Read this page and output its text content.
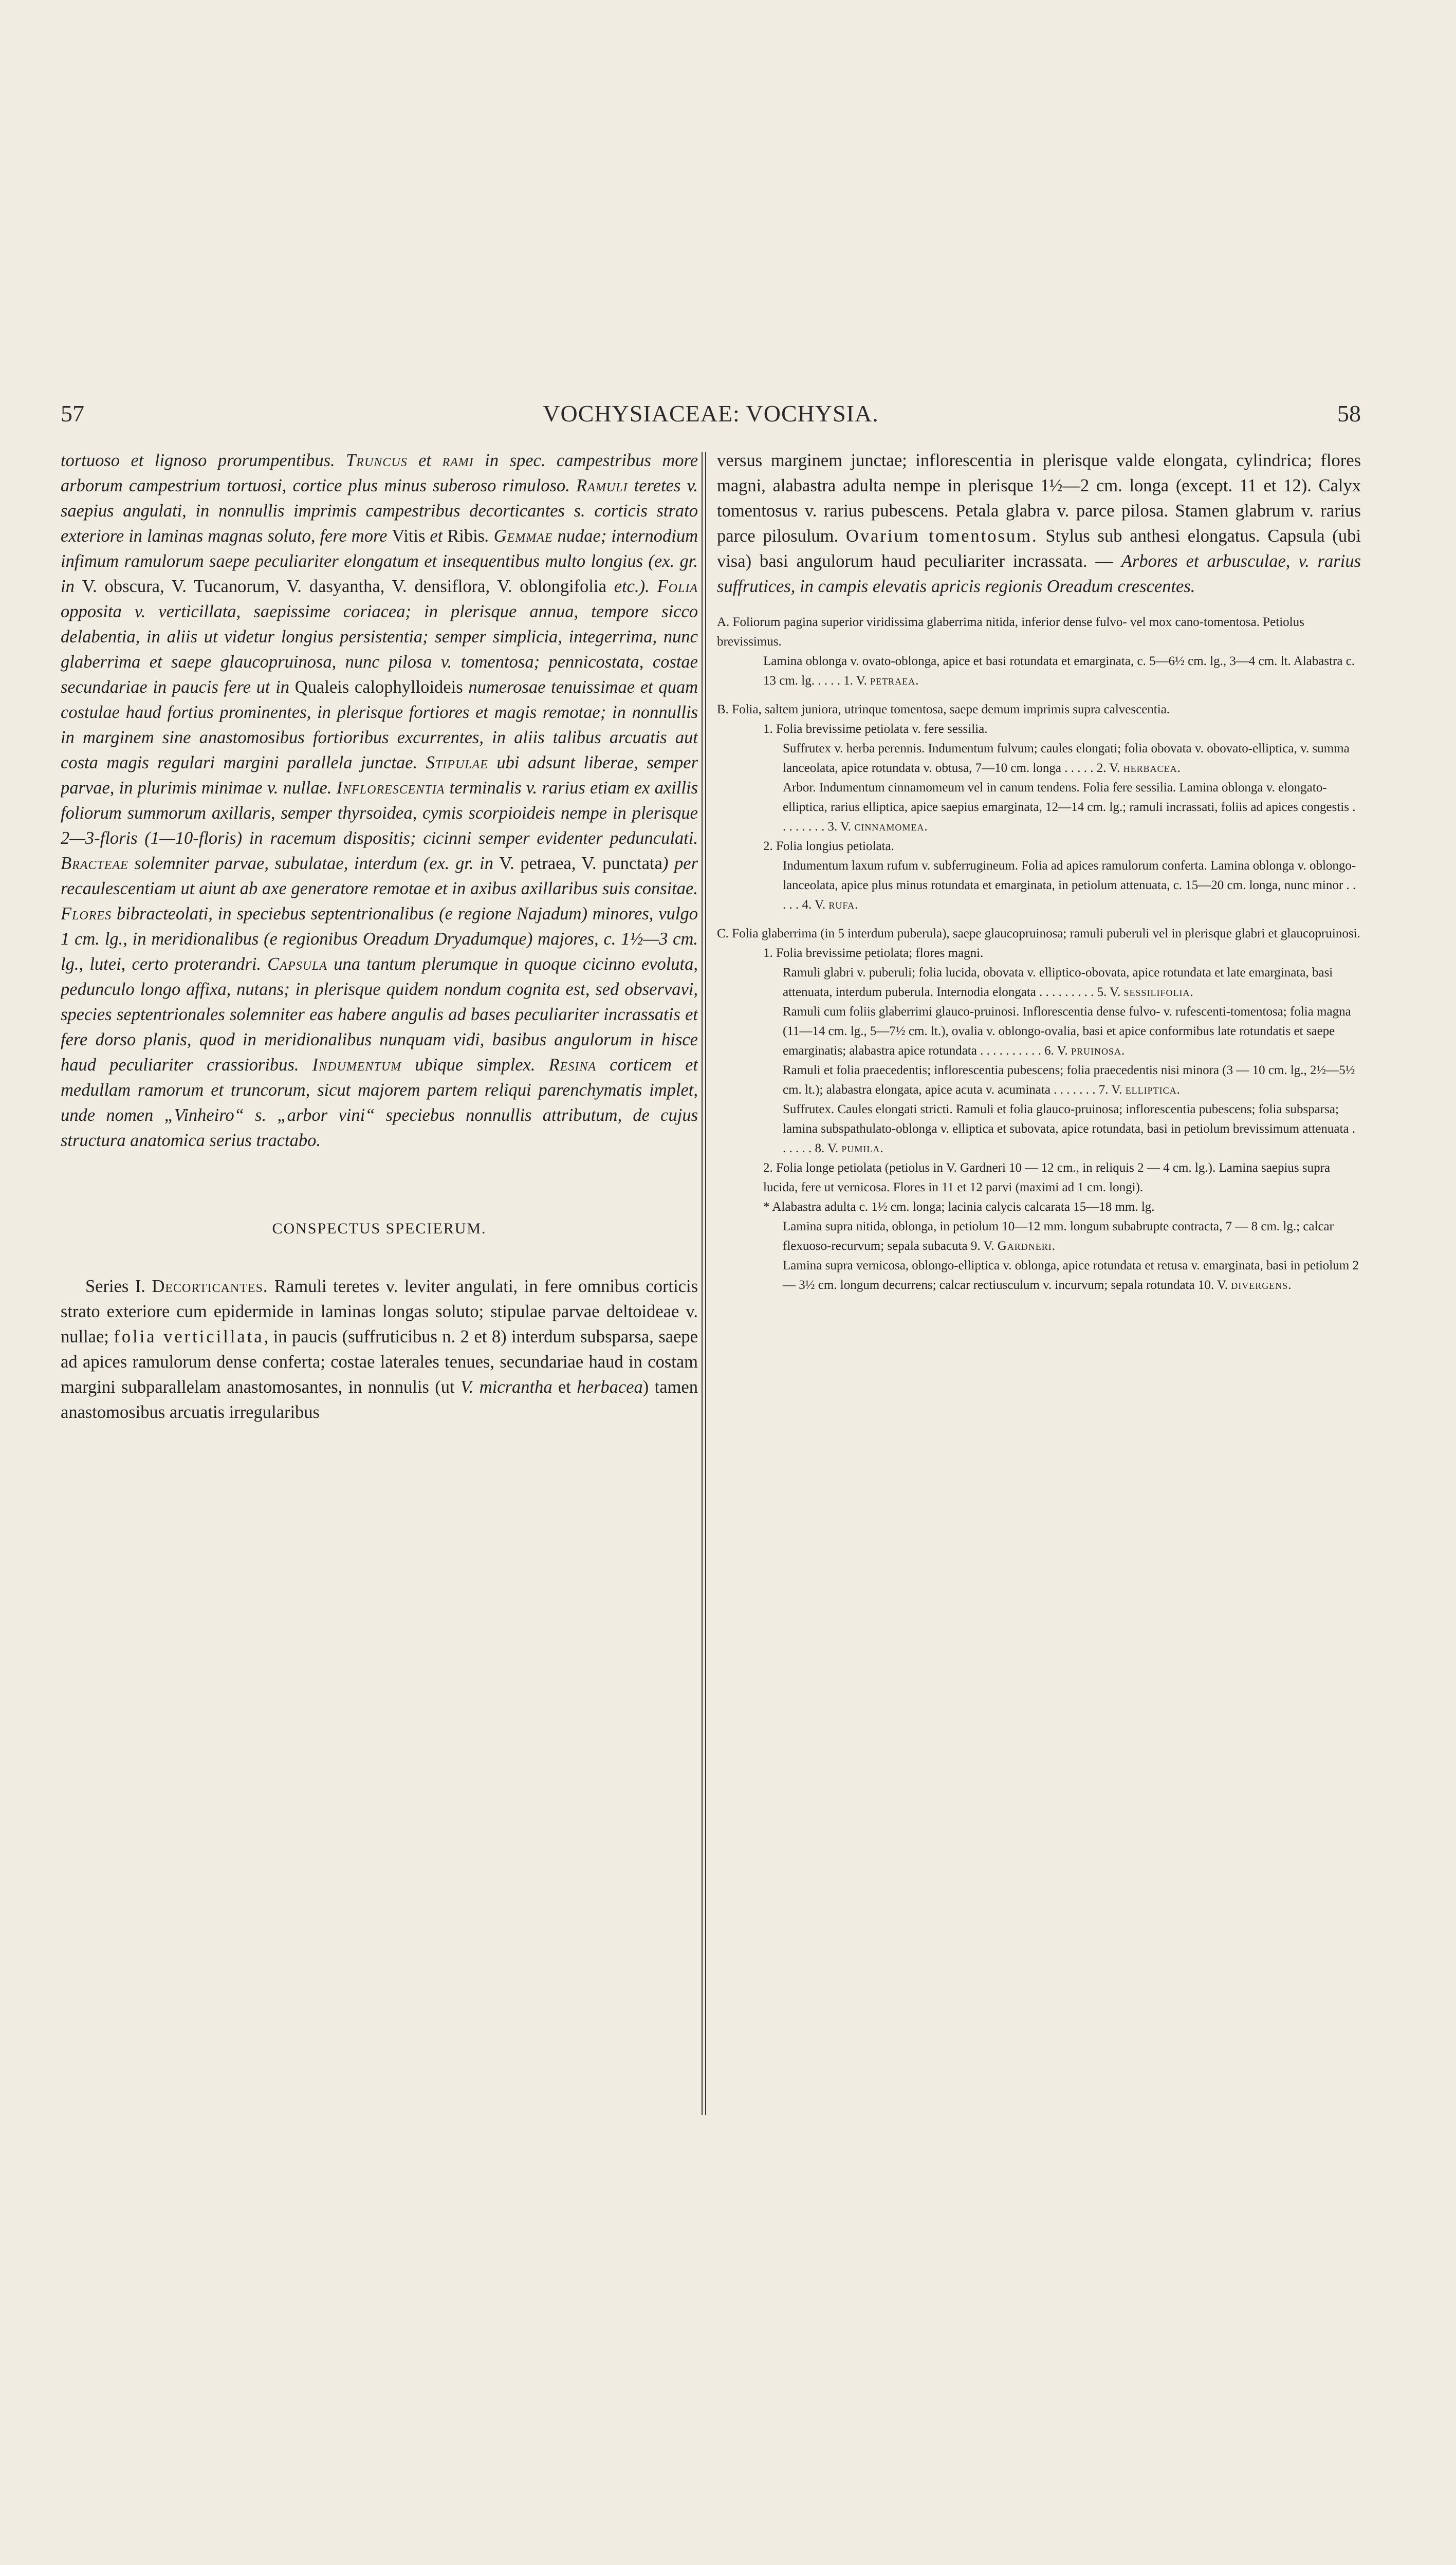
57	VOCHYSIACEAE: VOCHYSIA.	58

tortuoso et lignoso prorumpentibus. Truncus et rami in spec. campestribus more arborum campestrium tortuosi, cortice plus minus suberoso rimuloso. Ramuli teretes v. saepius angulati, in nonnullis imprimis campestribus decorticantes s. corticis strato exteriore in laminas magnas soluto, fere more Vitis et Ribis. Gemmae nudae; internodium infimum ramulorum saepe peculiariter elongatum et insequentibus multo longius (ex. gr. in V. obscura, V. Tucanorum, V. dasyantha, V. densiflora, V. oblongifolia etc.). Folia opposita v. verticillata, saepissime coriacea; in plerisque annua, tempore sicco delabentia, in aliis ut videtur longius persistentia; semper simplicia, integerrima, nunc glaberrima et saepe glaucopruinosa, nunc pilosa v. tomentosa; pennicostata, costae secundariae in paucis fere ut in Qualeis calophylloideis numerosae tenuissimae et quam costulae haud fortius prominentes, in plerisque fortiores et magis remotae; in nonnullis in marginem sine anastomosibus fortioribus excurrentes, in aliis talibus arcuatis aut costa magis regulari margini parallela junctae. Stipulae ubi adsunt liberae, semper parvae, in plurimis minimae v. nullae. Inflorescentia terminalis v. rarius etiam ex axillis foliorum summorum axillaris, semper thyrsoidea, cymis scorpioideis nempe in plerisque 2—3-floris (1—10-floris) in racemum dispositis; cicinni semper evidenter pedunculati. Bracteae solemniter parvae, subulatae, interdum (ex. gr. in V. petraea, V. punctata) per recaulescentiam ut aiunt ab axe generatore remotae et in axibus axillaribus suis consitae. Flores bibracteolati, in speciebus septentrionalibus (e regione Najadum) minores, vulgo 1 cm. lg., in meridionalibus (e regionibus Oreadum Dryadumque) majores, c. 1½—3 cm. lg., lutei, certo proterandri. Capsula una tantum plerumque in quoque cicinno evoluta, pedunculo longo affixa, nutans; in plerisque quidem nondum cognita est, sed observavi, species septentrionales solemniter eas habere angulis ad bases peculiariter incrassatis et fere dorso planis, quod in meridionalibus nunquam vidi, basibus angulorum in hisce haud peculiariter crassioribus. Indumentum ubique simplex. Resina corticem et medullam ramorum et truncorum, sicut majorem partem reliqui parenchymatis implet, unde nomen „Vinheiro“ s. „arbor vini“ speciebus nonnullis attributum, de cujus structura anatomica serius tractabo.

CONSPECTUS SPECIERUM.

Series I. Decorticantes. Ramuli teretes v. leviter angulati, in fere omnibus corticis strato exteriore cum epidermide in laminas longas soluto; stipulae parvae deltoideae v. nullae; folia verticillata, in paucis (suffruticibus n. 2 et 8) interdum subsparsa, saepe ad apices ramulorum dense conferta; costae laterales tenues, secundariae haud in costam margini subparallelam anastomosantes, in nonnulis (ut V. micrantha et herbacea) tamen anastomosibus arcuatis irregularibus

versus marginem junctae; inflorescentia in plerisque valde elongata, cylindrica; flores magni, alabastra adulta nempe in plerisque 1½—2 cm. longa (except. 11 et 12). Calyx tomentosus v. rarius pubescens. Petala glabra v. parce pilosa. Stamen glabrum v. rarius parce pilosulum. Ovarium tomentosum. Stylus sub anthesi elongatus. Capsula (ubi visa) basi angulorum haud peculiariter incrassata. — Arbores et arbusculae, v. rarius suffrutices, in campis elevatis apricis regionis Oreadum crescentes.

A. Foliorum pagina superior viridissima glaberrima nitida, inferior dense fulvo- vel mox cano-tomentosa. Petiolus brevissimus.
Lamina oblonga v. ovato-oblonga, apice et basi rotundata et emarginata, c. 5—6½ cm. lg., 3—4 cm. lt. Alabastra c. 13 cm. lg. . . . . 1. V. petraea.
B. Folia, saltem juniora, utrinque tomentosa, saepe demum imprimis supra calvescentia.
1. Folia brevissime petiolata v. fere sessilia.
Suffrutex v. herba perennis. Indumentum fulvum; caules elongati; folia obovata v. obovato-elliptica, v. summa lanceolata, apice rotundata v. obtusa, 7—10 cm. longa . . . . . 2. V. herbacea.
Arbor. Indumentum cinnamomeum vel in canum tendens. Folia fere sessilia. Lamina oblonga v. elongato-elliptica, rarius elliptica, apice saepius emarginata, 12—14 cm. lg.; ramuli incrassati, foliis ad apices congestis . . . . . . . . 3. V. cinnamomea.
2. Folia longius petiolata.
Indumentum laxum rufum v. subferrugineum. Folia ad apices ramulorum conferta. Lamina oblonga v. oblongo-lanceolata, apice plus minus rotundata et emarginata, in petiolum attenuata, c. 15—20 cm. longa, nunc minor . . . . . 4. V. rufa.
C. Folia glaberrima (in 5 interdum puberula), saepe glaucopruinosa; ramuli puberuli vel in plerisque glabri et glaucopruinosi.
1. Folia brevissime petiolata; flores magni.
Ramuli glabri v. puberuli; folia lucida, obovata v. elliptico-obovata, apice rotundata et late emarginata, basi attenuata, interdum puberula. Internodia elongata . . . . . . . . . 5. V. sessilifolia.
Ramuli cum foliis glaberrimi glauco-pruinosi. Inflorescentia dense fulvo- v. rufescenti-tomentosa; folia magna (11—14 cm. lg., 5—7½ cm. lt.), ovalia v. oblongo-ovalia, basi et apice conformibus late rotundatis et saepe emarginatis; alabastra apice rotundata . . . . . . . . . . 6. V. pruinosa.
Ramuli et folia praecedentis; inflorescentia pubescens; folia praecedentis nisi minora (3 — 10 cm. lg., 2½—5½ cm. lt.); alabastra elongata, apice acuta v. acuminata . . . . . . . 7. V. elliptica.
Suffrutex. Caules elongati stricti. Ramuli et folia glauco-pruinosa; inflorescentia pubescens; folia subsparsa; lamina subspathulato-oblonga v. elliptica et subovata, apice rotundata, basi in petiolum brevissimum attenuata . . . . . . 8. V. pumila.
2. Folia longe petiolata (petiolus in V. Gardneri 10 — 12 cm., in reliquis 2 — 4 cm. lg.). Lamina saepius supra lucida, fere ut vernicosa. Flores in 11 et 12 parvi (maximi ad 1 cm. longi).
* Alabastra adulta c. 1½ cm. longa; lacinia calycis calcarata 15—18 mm. lg.
Lamina supra nitida, oblonga, in petiolum 10—12 mm. longum subabrupte contracta, 7 — 8 cm. lg.; calcar flexuoso-recurvum; sepala subacuta 9. V. Gardneri.
Lamina supra vernicosa, oblongo-elliptica v. oblonga, apice rotundata et retusa v. emarginata, basi in petiolum 2 — 3½ cm. longum decurrens; calcar rectiusculum v. incurvum; sepala rotundata 10. V. divergens.
